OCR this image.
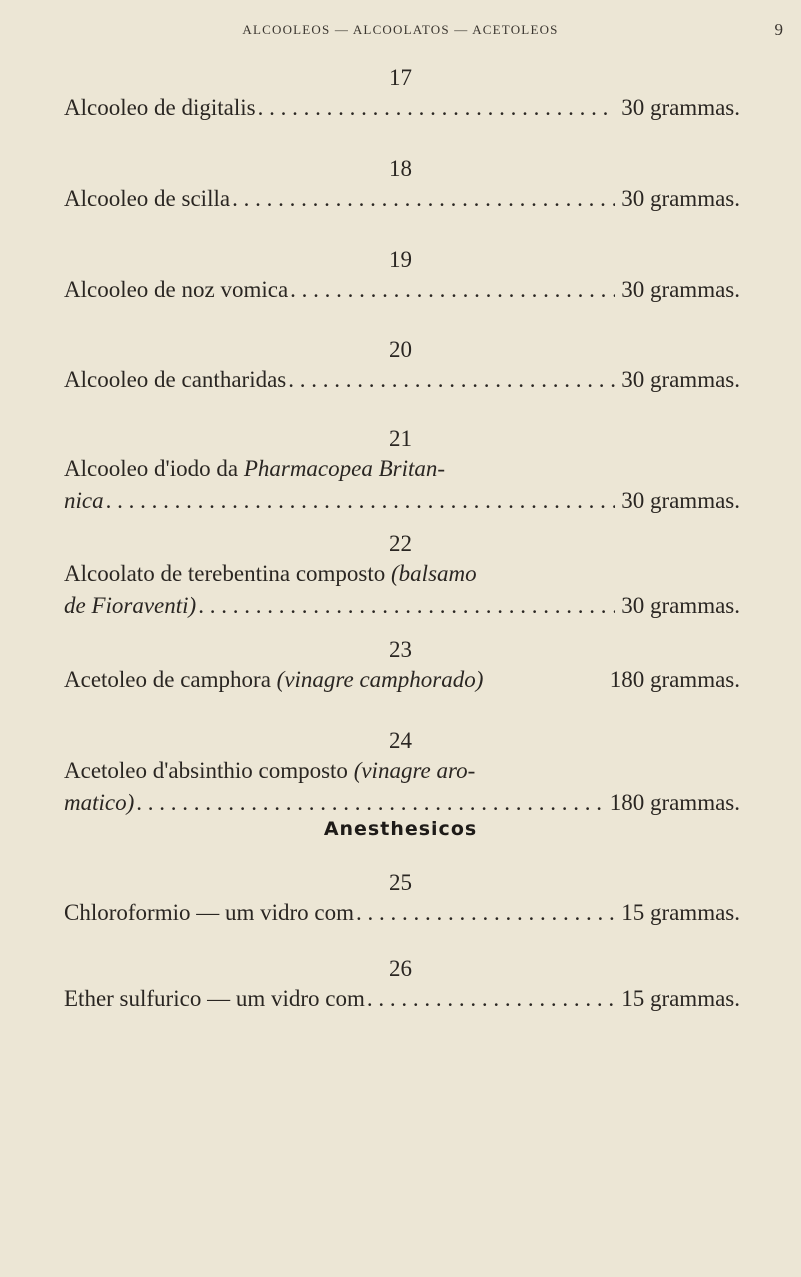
ALCOOLEOS — ALCOOLATOS — ACETOLEOS	9
17
Alcooleo de digitalis . . .	30 grammas.
18
Alcooleo de scilla . . .	30 grammas.
19
Alcooleo de noz vomica . . .	30 grammas.
20
Alcooleo de cantharidas . . .	30 grammas.
21
Alcooleo d'iodo da Pharmacopea Britan-
nica . . .	30 grammas.
22
Alcoolato de terebentina composto (balsamo
de Fioraventi) . . .	30 grammas.
23
Acetoleo de camphora (vinagre camphorado)	180 grammas.
24
Acetoleo d'absinthio composto (vinagre aro-
matico) . . .	180 grammas.
Anesthesicos
25
Chloroformio — um vidro com . . .	15 grammas.
26
Ether sulfurico — um vidro com . . .	15 grammas.
